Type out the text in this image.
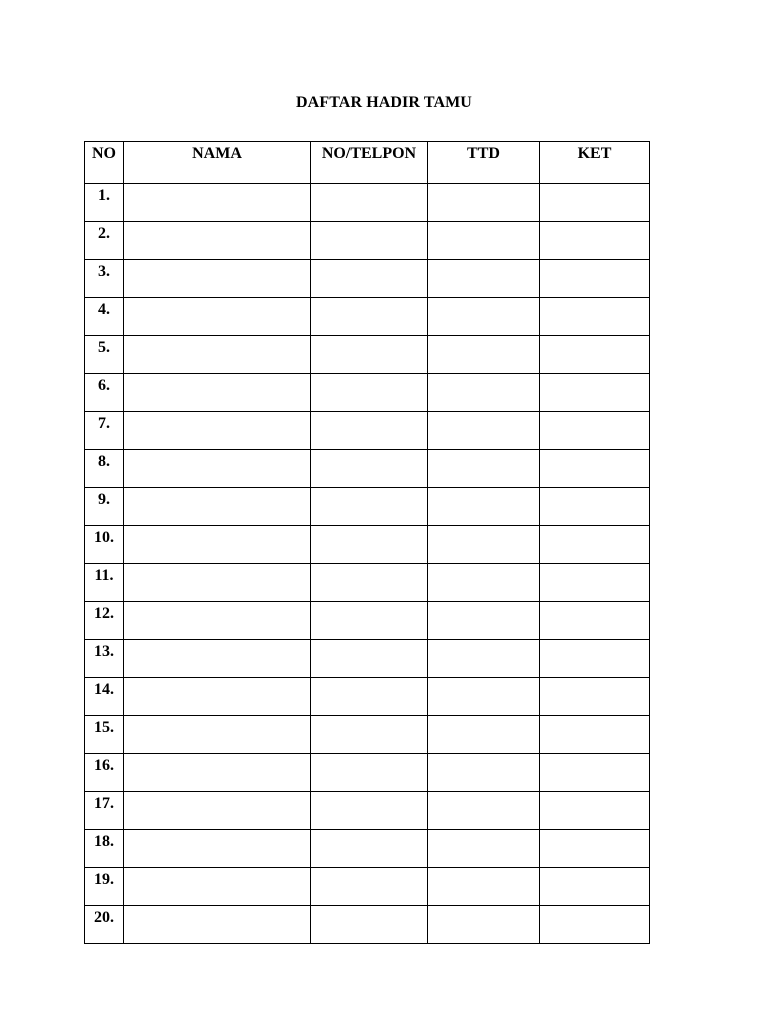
DAFTAR HADIR TAMU
NO	NAMA	NO/TELPON	TTD	KET
1.				
2.				
3.				
4.				
5.				
6.				
7.				
8.				
9.				
10.				
11.				
12.				
13.				
14.				
15.				
16.				
17.				
18.				
19.				
20.				
